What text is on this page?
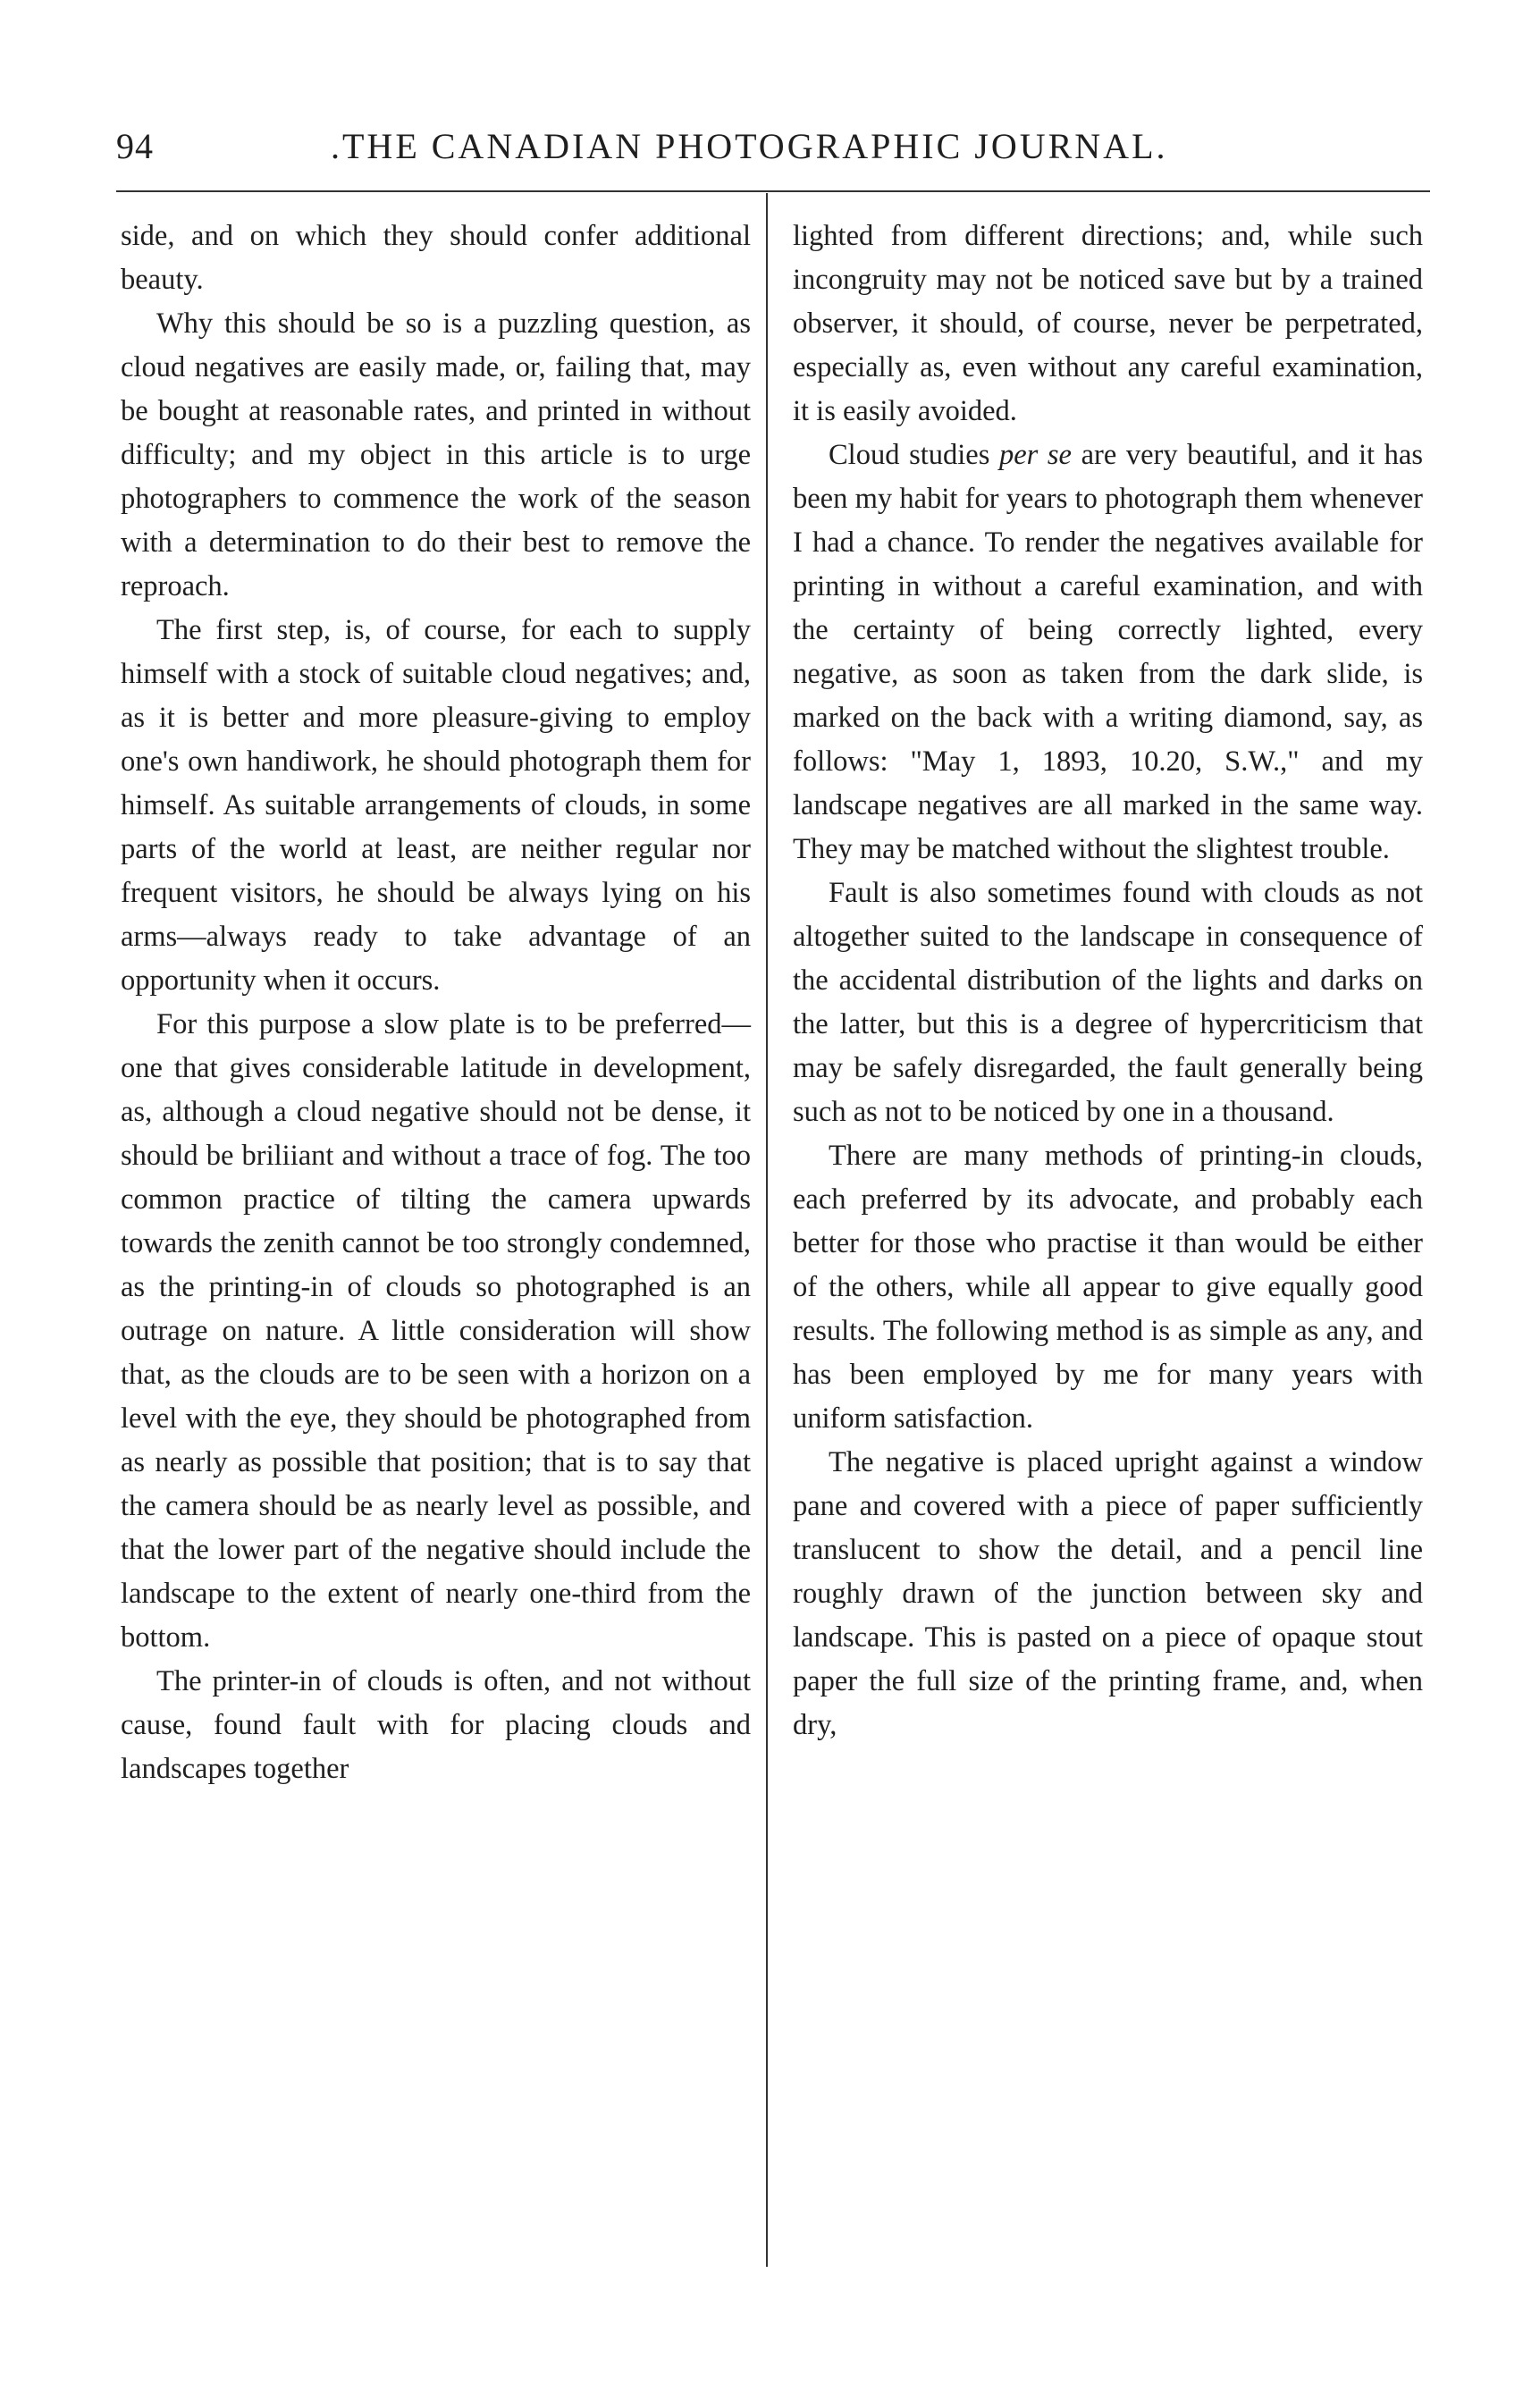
94	.THE CANADIAN PHOTOGRAPHIC JOURNAL.

side, and on which they should confer additional beauty.

Why this should be so is a puzzling question, as cloud negatives are easily made, or, failing that, may be bought at reasonable rates, and printed in without difficulty; and my object in this article is to urge photographers to commence the work of the season with a determination to do their best to remove the reproach.

The first step, is, of course, for each to supply himself with a stock of suitable cloud negatives; and, as it is better and more pleasure-giving to employ one's own handiwork, he should photograph them for himself. As suitable arrangements of clouds, in some parts of the world at least, are neither regular nor frequent visitors, he should be always lying on his arms—always ready to take advantage of an opportunity when it occurs.

For this purpose a slow plate is to be preferred—one that gives considerable latitude in development, as, although a cloud negative should not be dense, it should be briliiant and without a trace of fog. The too common practice of tilting the camera upwards towards the zenith cannot be too strongly condemned, as the printing-in of clouds so photographed is an outrage on nature. A little consideration will show that, as the clouds are to be seen with a horizon on a level with the eye, they should be photographed from as nearly as possible that position; that is to say that the camera should be as nearly level as possible, and that the lower part of the negative should include the landscape to the extent of nearly one-third from the bottom.

The printer-in of clouds is often, and not without cause, found fault with for placing clouds and landscapes together

lighted from different directions; and, while such incongruity may not be noticed save but by a trained observer, it should, of course, never be perpetrated, especially as, even without any careful examination, it is easily avoided.

Cloud studies per se are very beautiful, and it has been my habit for years to photograph them whenever I had a chance. To render the negatives available for printing in without a careful examination, and with the certainty of being correctly lighted, every negative, as soon as taken from the dark slide, is marked on the back with a writing diamond, say, as follows: "May 1, 1893, 10.20, S.W.," and my landscape negatives are all marked in the same way. They may be matched without the slightest trouble.

Fault is also sometimes found with clouds as not altogether suited to the landscape in consequence of the accidental distribution of the lights and darks on the latter, but this is a degree of hypercriticism that may be safely disregarded, the fault generally being such as not to be noticed by one in a thousand.

There are many methods of printing-in clouds, each preferred by its advocate, and probably each better for those who practise it than would be either of the others, while all appear to give equally good results. The following method is as simple as any, and has been employed by me for many years with uniform satisfaction.

The negative is placed upright against a window pane and covered with a piece of paper sufficiently translucent to show the detail, and a pencil line roughly drawn of the junction between sky and landscape. This is pasted on a piece of opaque stout paper the full size of the printing frame, and, when dry,
